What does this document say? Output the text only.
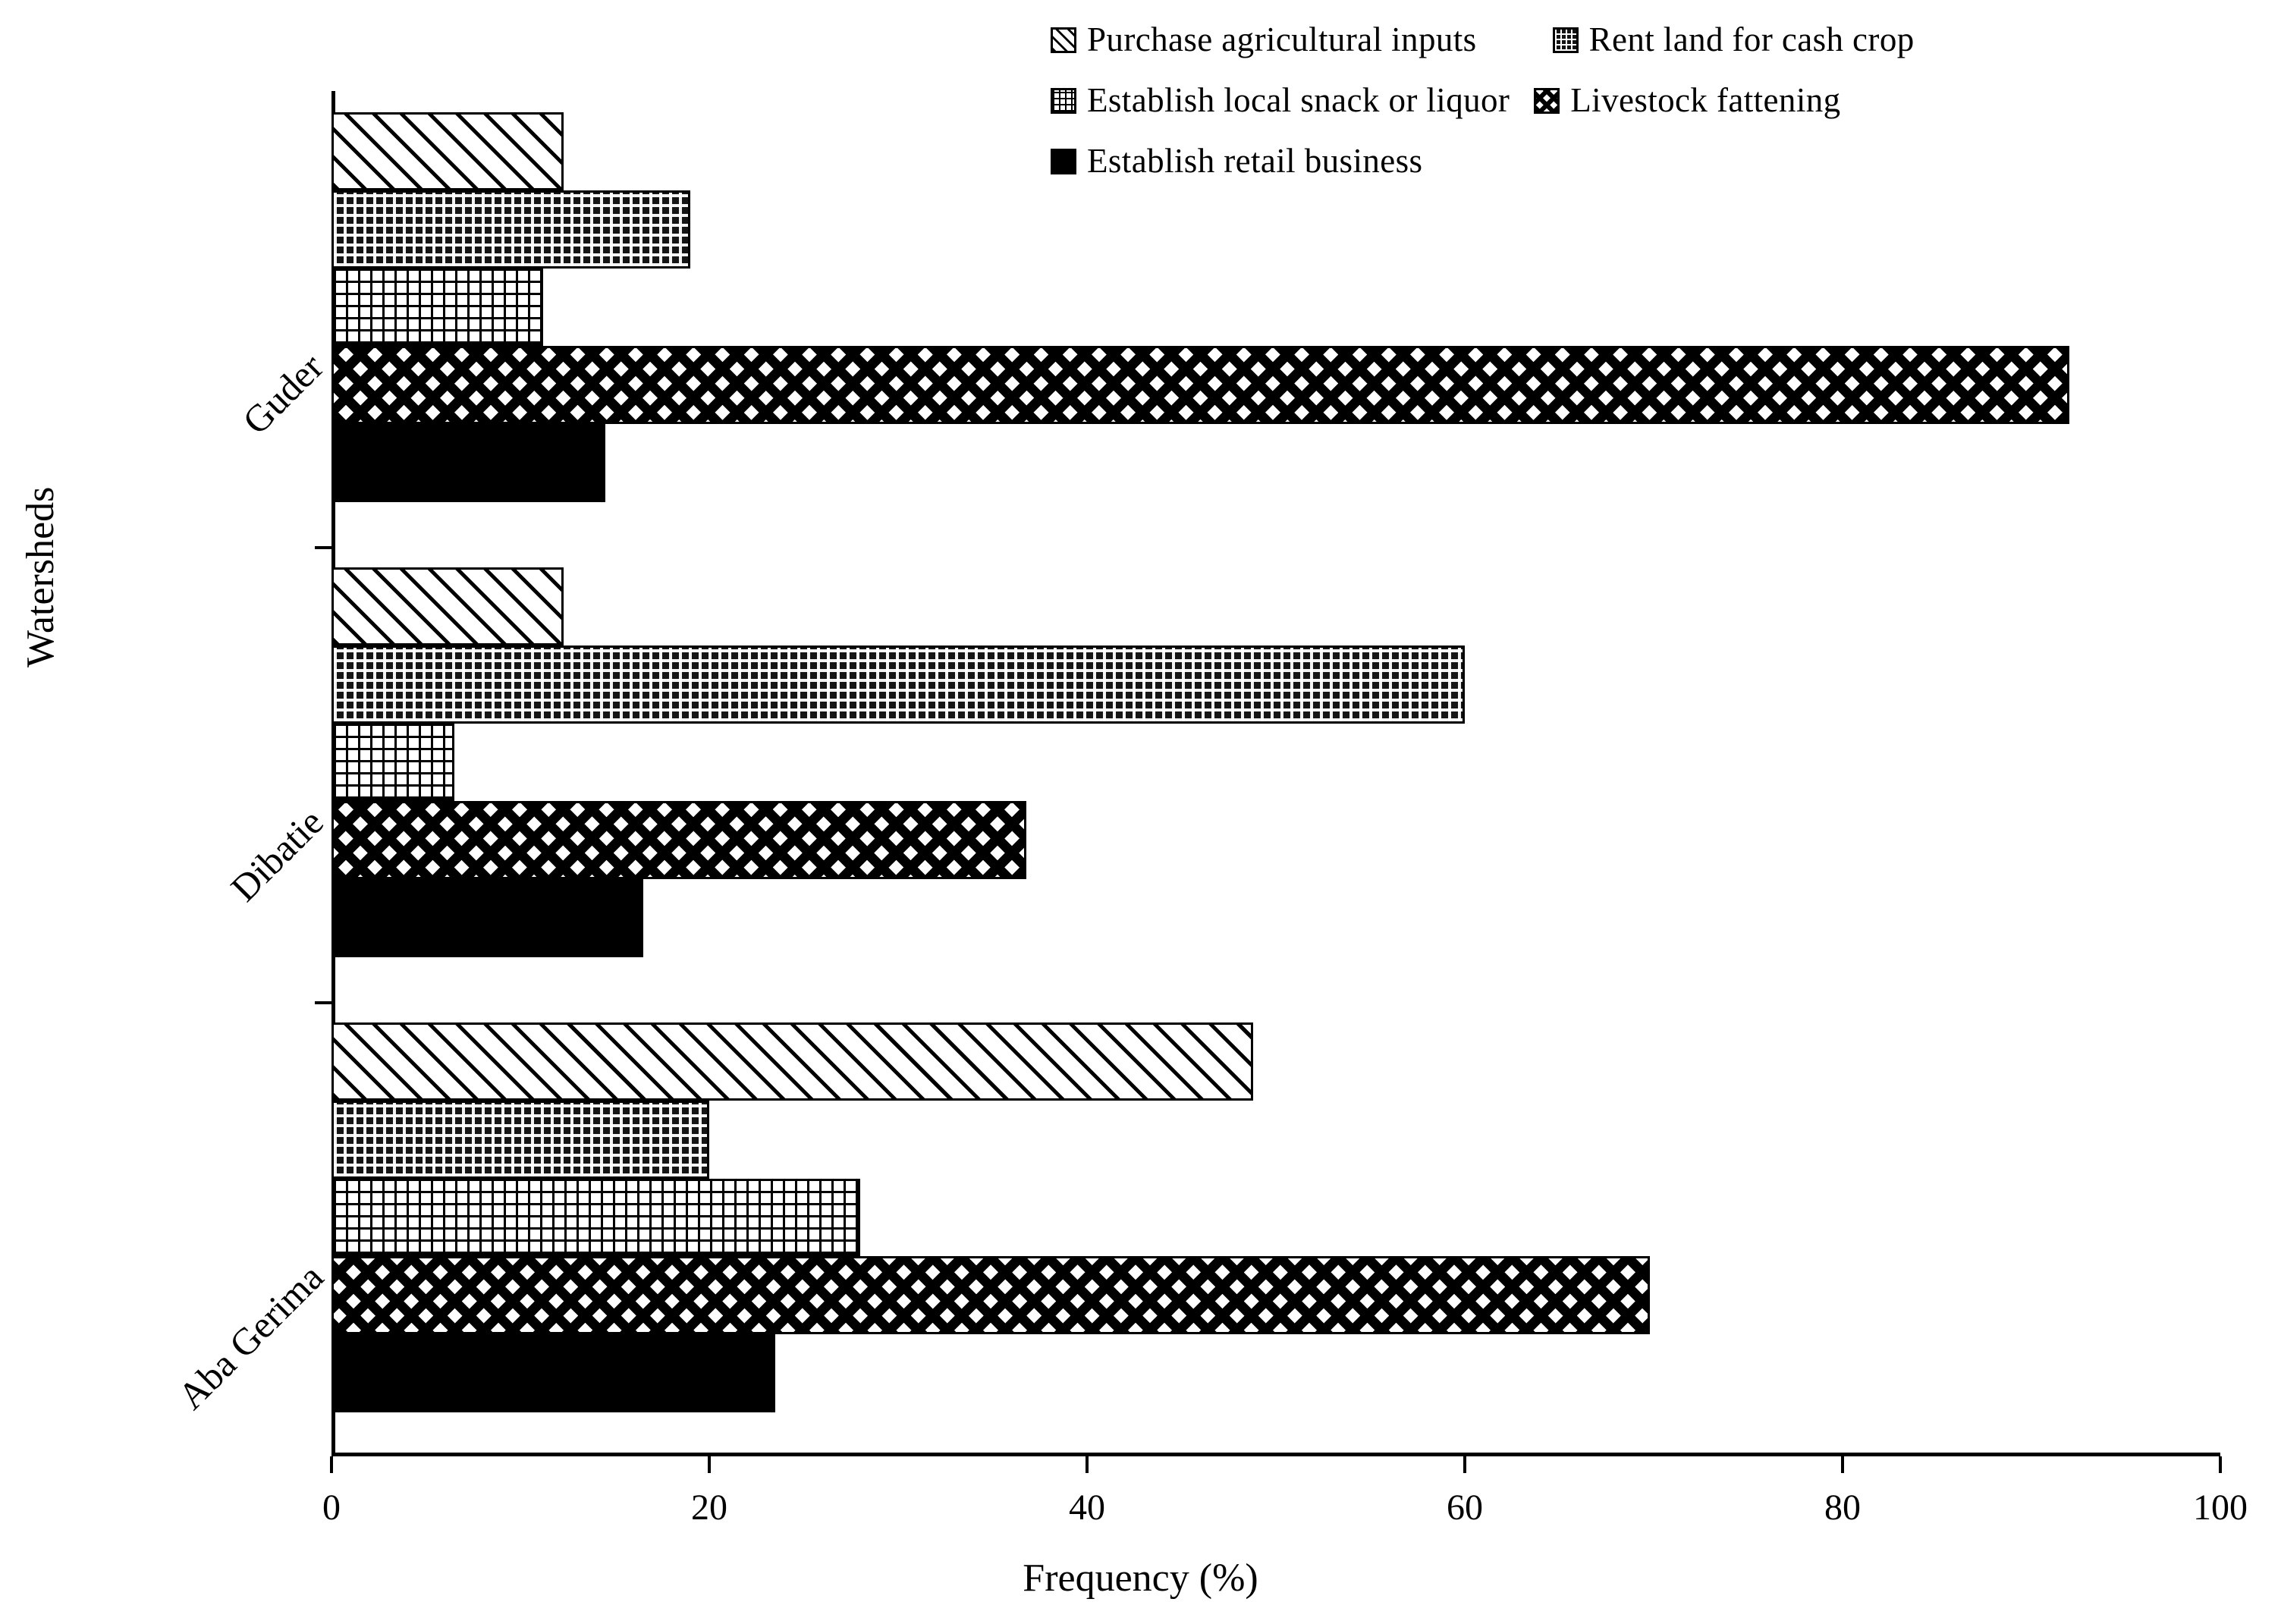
Purchase agricultural inputs	Rent land for cash crop
Establish local snack or liquor Livestock fattening
Establish retail business
0	20	40	60	80	100
Guder
Dibatie
Aba Gerima
Watersheds
Frequency (%)
